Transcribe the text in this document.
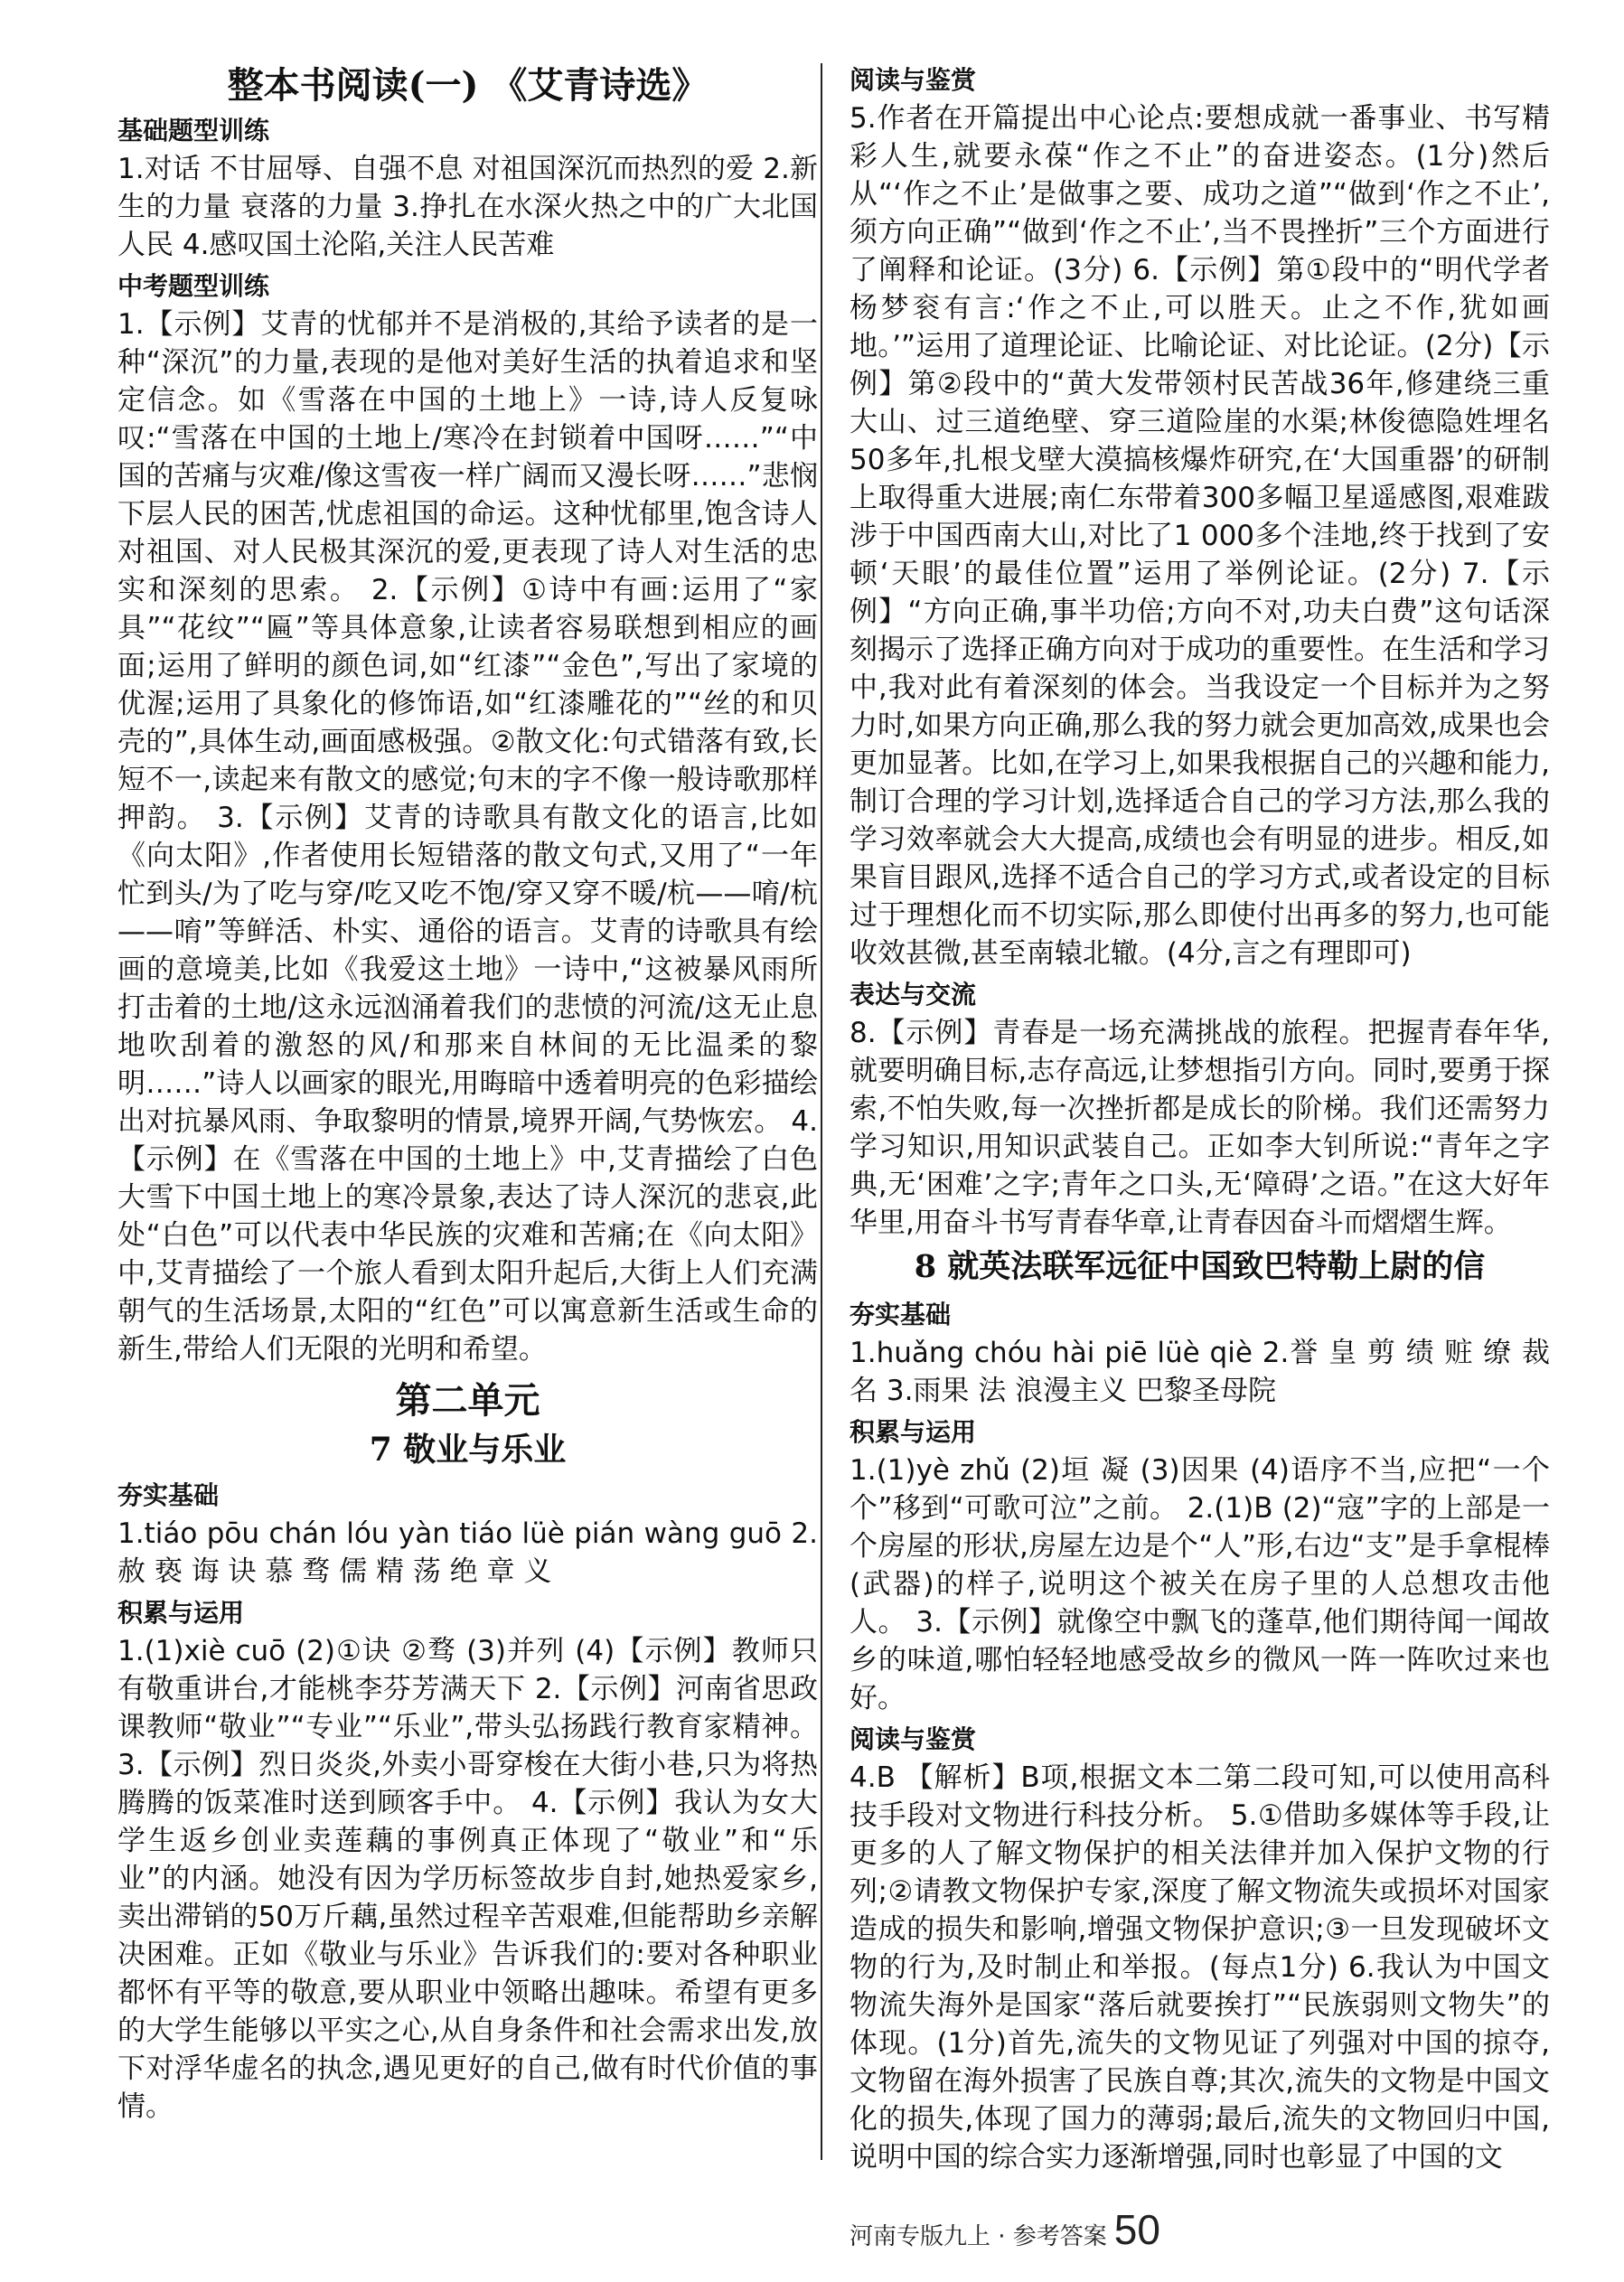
整本书阅读(一) 《艾青诗选》
基础题型训练

1.对话 不甘屈辱、自强不息 对祖国深沉而热烈的爱 2.新生的力量 衰落的力量 3.挣扎在水深火热之中的广大北国人民 4.感叹国土沦陷,关注人民苦难

中考题型训练

1.【示例】艾青的忧郁并不是消极的,其给予读者的是一种“深沉”的力量,表现的是他对美好生活的执着追求和坚定信念。如《雪落在中国的土地上》一诗,诗人反复咏叹:“雪落在中国的土地上/寒冷在封锁着中国呀……”“中国的苦痛与灾难/像这雪夜一样广阔而又漫长呀……”悲悯下层人民的困苦,忧虑祖国的命运。这种忧郁里,饱含诗人对祖国、对人民极其深沉的爱,更表现了诗人对生活的忠实和深刻的思索。 2.【示例】①诗中有画:运用了“家具”“花纹”“匾”等具体意象,让读者容易联想到相应的画面;运用了鲜明的颜色词,如“红漆”“金色”,写出了家境的优渥;运用了具象化的修饰语,如“红漆雕花的”“丝的和贝壳的”,具体生动,画面感极强。②散文化:句式错落有致,长短不一,读起来有散文的感觉;句末的字不像一般诗歌那样押韵。 3.【示例】艾青的诗歌具有散文化的语言,比如《向太阳》,作者使用长短错落的散文句式,又用了“一年忙到头/为了吃与穿/吃又吃不饱/穿又穿不暖/杭——唷/杭——唷”等鲜活、朴实、通俗的语言。艾青的诗歌具有绘画的意境美,比如《我爱这土地》一诗中,“这被暴风雨所打击着的土地/这永远汹涌着我们的悲愤的河流/这无止息地吹刮着的激怒的风/和那来自林间的无比温柔的黎明……”诗人以画家的眼光,用晦暗中透着明亮的色彩描绘出对抗暴风雨、争取黎明的情景,境界开阔,气势恢宏。 4.【示例】在《雪落在中国的土地上》中,艾青描绘了白色大雪下中国土地上的寒冷景象,表达了诗人深沉的悲哀,此处“白色”可以代表中华民族的灾难和苦痛;在《向太阳》中,艾青描绘了一个旅人看到太阳升起后,大街上人们充满朝气的生活场景,太阳的“红色”可以寓意新生活或生命的新生,带给人们无限的光明和希望。

第二单元
7 敬业与乐业
夯实基础

1.tiáo pōu chán lóu yàn tiáo lüè pián wàng guō 2.赦 亵 诲 诀 慕 骛 儒 精 荡 绝 章 义

积累与运用

1.(1)xiè cuō (2)①诀 ②骛 (3)并列 (4)【示例】教师只有敬重讲台,才能桃李芬芳满天下 2.【示例】河南省思政课教师“敬业”“专业”“乐业”,带头弘扬践行教育家精神。 3.【示例】烈日炎炎,外卖小哥穿梭在大街小巷,只为将热腾腾的饭菜准时送到顾客手中。 4.【示例】我认为女大学生返乡创业卖莲藕的事例真正体现了“敬业”和“乐业”的内涵。她没有因为学历标签故步自封,她热爱家乡,卖出滞销的50万斤藕,虽然过程辛苦艰难,但能帮助乡亲解决困难。正如《敬业与乐业》告诉我们的:要对各种职业都怀有平等的敬意,要从职业中领略出趣味。希望有更多的大学生能够以平实之心,从自身条件和社会需求出发,放下对浮华虚名的执念,遇见更好的自己,做有时代价值的事情。

阅读与鉴赏

5.作者在开篇提出中心论点:要想成就一番事业、书写精彩人生,就要永葆“作之不止”的奋进姿态。(1分)然后从“‘作之不止’是做事之要、成功之道”“做到‘作之不止’,须方向正确”“做到‘作之不止’,当不畏挫折”三个方面进行了阐释和论证。(3分) 6.【示例】第①段中的“明代学者杨梦衮有言:‘作之不止,可以胜天。止之不作,犹如画地。’”运用了道理论证、比喻论证、对比论证。(2分)【示例】第②段中的“黄大发带领村民苦战36年,修建绕三重大山、过三道绝壁、穿三道险崖的水渠;林俊德隐姓埋名50多年,扎根戈壁大漠搞核爆炸研究,在‘大国重器’的研制上取得重大进展;南仁东带着300多幅卫星遥感图,艰难跋涉于中国西南大山,对比了1 000多个洼地,终于找到了安顿‘天眼’的最佳位置”运用了举例论证。(2分) 7.【示例】“方向正确,事半功倍;方向不对,功夫白费”这句话深刻揭示了选择正确方向对于成功的重要性。在生活和学习中,我对此有着深刻的体会。当我设定一个目标并为之努力时,如果方向正确,那么我的努力就会更加高效,成果也会更加显著。比如,在学习上,如果我根据自己的兴趣和能力,制订合理的学习计划,选择适合自己的学习方法,那么我的学习效率就会大大提高,成绩也会有明显的进步。相反,如果盲目跟风,选择不适合自己的学习方式,或者设定的目标过于理想化而不切实际,那么即使付出再多的努力,也可能收效甚微,甚至南辕北辙。(4分,言之有理即可)

表达与交流

8.【示例】青春是一场充满挑战的旅程。把握青春年华,就要明确目标,志存高远,让梦想指引方向。同时,要勇于探索,不怕失败,每一次挫折都是成长的阶梯。我们还需努力学习知识,用知识武装自己。正如李大钊所说:“青年之字典,无‘困难’之字;青年之口头,无‘障碍’之语。”在这大好年华里,用奋斗书写青春华章,让青春因奋斗而熠熠生辉。

8 就英法联军远征中国致巴特勒上尉的信
夯实基础

1.huǎng chóu hài piē lüè qiè 2.誉 皇 剪 绩 赃 缭 裁 名 3.雨果 法 浪漫主义 巴黎圣母院

积累与运用

1.(1)yè zhǔ (2)垣 凝 (3)因果 (4)语序不当,应把“一个个”移到“可歌可泣”之前。 2.(1)B (2)“寇”字的上部是一个房屋的形状,房屋左边是个“人”形,右边“支”是手拿棍棒(武器)的样子,说明这个被关在房子里的人总想攻击他人。 3.【示例】就像空中飘飞的蓬草,他们期待闻一闻故乡的味道,哪怕轻轻地感受故乡的微风一阵一阵吹过来也好。

阅读与鉴赏

4.B 【解析】B项,根据文本二第二段可知,可以使用高科技手段对文物进行科技分析。 5.①借助多媒体等手段,让更多的人了解文物保护的相关法律并加入保护文物的行列;②请教文物保护专家,深度了解文物流失或损坏对国家造成的损失和影响,增强文物保护意识;③一旦发现破坏文物的行为,及时制止和举报。(每点1分) 6.我认为中国文物流失海外是国家“落后就要挨打”“民族弱则文物失”的体现。(1分)首先,流失的文物见证了列强对中国的掠夺,文物留在海外损害了民族自尊;其次,流失的文物是中国文化的损失,体现了国力的薄弱;最后,流失的文物回归中国,说明中国的综合实力逐渐增强,同时也彰显了中国的文

河南专版九上 · 参考答案 50
